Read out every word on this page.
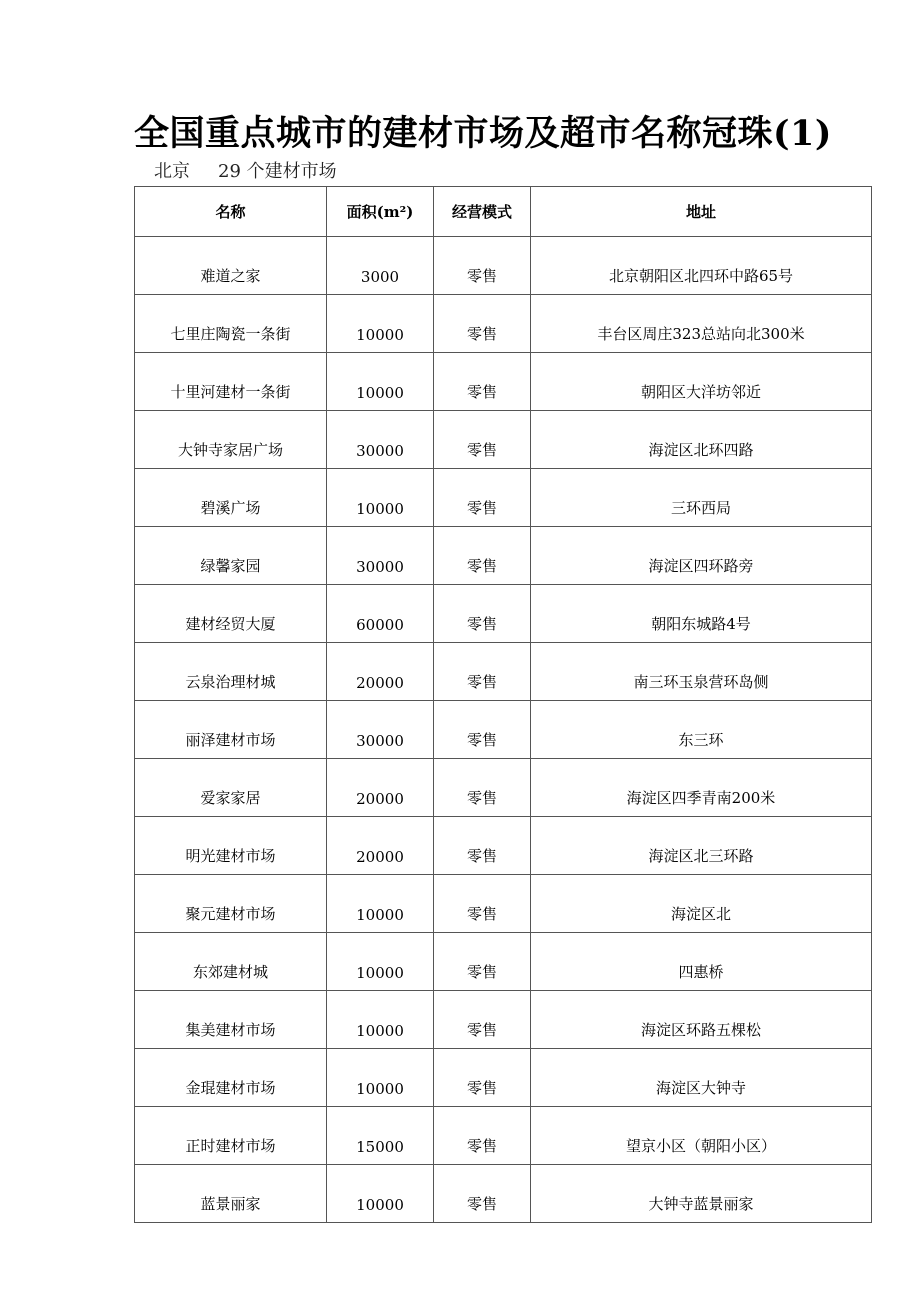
全国重点城市的建材市场及超市名称冠珠(1)
北京 29 个建材市场
名称	面积(m²)	经营模式	地址
难道之家	3000	零售	北京朝阳区北四环中路65号
七里庄陶瓷一条街	10000	零售	丰台区周庄323总站向北300米
十里河建材一条街	10000	零售	朝阳区大洋坊邻近
大钟寺家居广场	30000	零售	海淀区北环四路
碧溪广场	10000	零售	三环西局
绿馨家园	30000	零售	海淀区四环路旁
建材经贸大厦	60000	零售	朝阳东城路4号
云泉治理材城	20000	零售	南三环玉泉营环岛侧
丽泽建材市场	30000	零售	东三环
爱家家居	20000	零售	海淀区四季青南200米
明光建材市场	20000	零售	海淀区北三环路
聚元建材市场	10000	零售	海淀区北
东郊建材城	10000	零售	四惠桥
集美建材市场	10000	零售	海淀区环路五棵松
金琨建材市场	10000	零售	海淀区大钟寺
正时建材市场	15000	零售	望京小区（朝阳小区）
蓝景丽家	10000	零售	大钟寺蓝景丽家
